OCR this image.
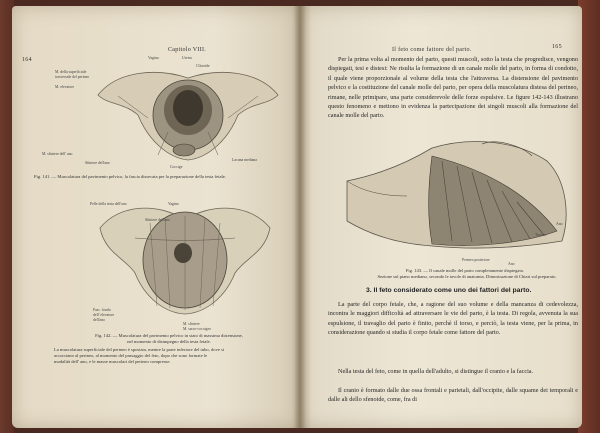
164
Capitolo VIII.
M. della superficiale
trasversale del perineo
M. elevatore
Vagina	Uretra
Clitoride
M. sfintere dell' ano
Sfintere dell'ano
Coccige
Lacuna mediana
Fig. 141. — Muscolatura del pavimento pelvico, la fascia dissecata per la preparazione della testa fetale.
Pelle della testa dell'ano	Vagina
Sfintere dell'ano
Fasc. fondo
dell' elevatore
dell'ano
M. sfintere
M. sacro-coccigeo
Fig. 142. — Muscolatura del pavimento pelvico in stato di massima distensione,
nel momento di disimpegno della testa fetale.
La muscolatura superficiale del perineo è spostata, mentre la parte inferiore del tubo, dove si
accorciano al perineo, al momento del passaggio del feto, dopo che sono formate le
modalità dell' ano, e le masse muscolari del perineo compresse.
Il feto come fattore del parto.	165

Per la prima volta al momento del parto, questi muscoli, sotto la testa che progredisce, vengono dispiegati, tesi e distesi: Ne risulta la formazione di un canale molle del parto, in forma di condotto, il quale viene proporzionale al volume della testa che l'attraversa. La distensione del pavimento pelvico e la costituzione del canale molle del parto, per opera della muscolatura distesa del perineo, rimane, nelle primipare, una parte considerevole delle forze espulsive. Le figure 142-143 illustrano questo fenomeno e mettono in evidenza la partecipazione dei singoli muscoli alla formazione del canale molle del parto.

Ano
Testuro
Perineo posteriore
Ano
Fig. 143. — Il canale molle del parto completamente dispiegato.
Sezione sul piano mediano, secondo le tavole di anatomia. Dimostrazione di Chiari sul preparato.
3. Il feto considerato come uno dei fattori del parto.

La parte del corpo fetale, che, a ragione del suo volume e della mancanza di cedevolezza, incontra le maggiori difficoltà ad attraversare le vie del parto, è la testa. Di regola, avvenuta la sua espulsione, il travaglio del parto è finito, perchè il torso, e perciò, la testa viene, per la prima, in considerazione quando si studia il corpo fetale come fattore del parto.

Nella testa del feto, come in quella dell'adulto, si distingue il cranio e la faccia.

Il cranio è formato dalle due ossa frontali e parietali, dall'occipite, dalle squame dei temporali e dalle ali dello sfenoide, come, fra di
